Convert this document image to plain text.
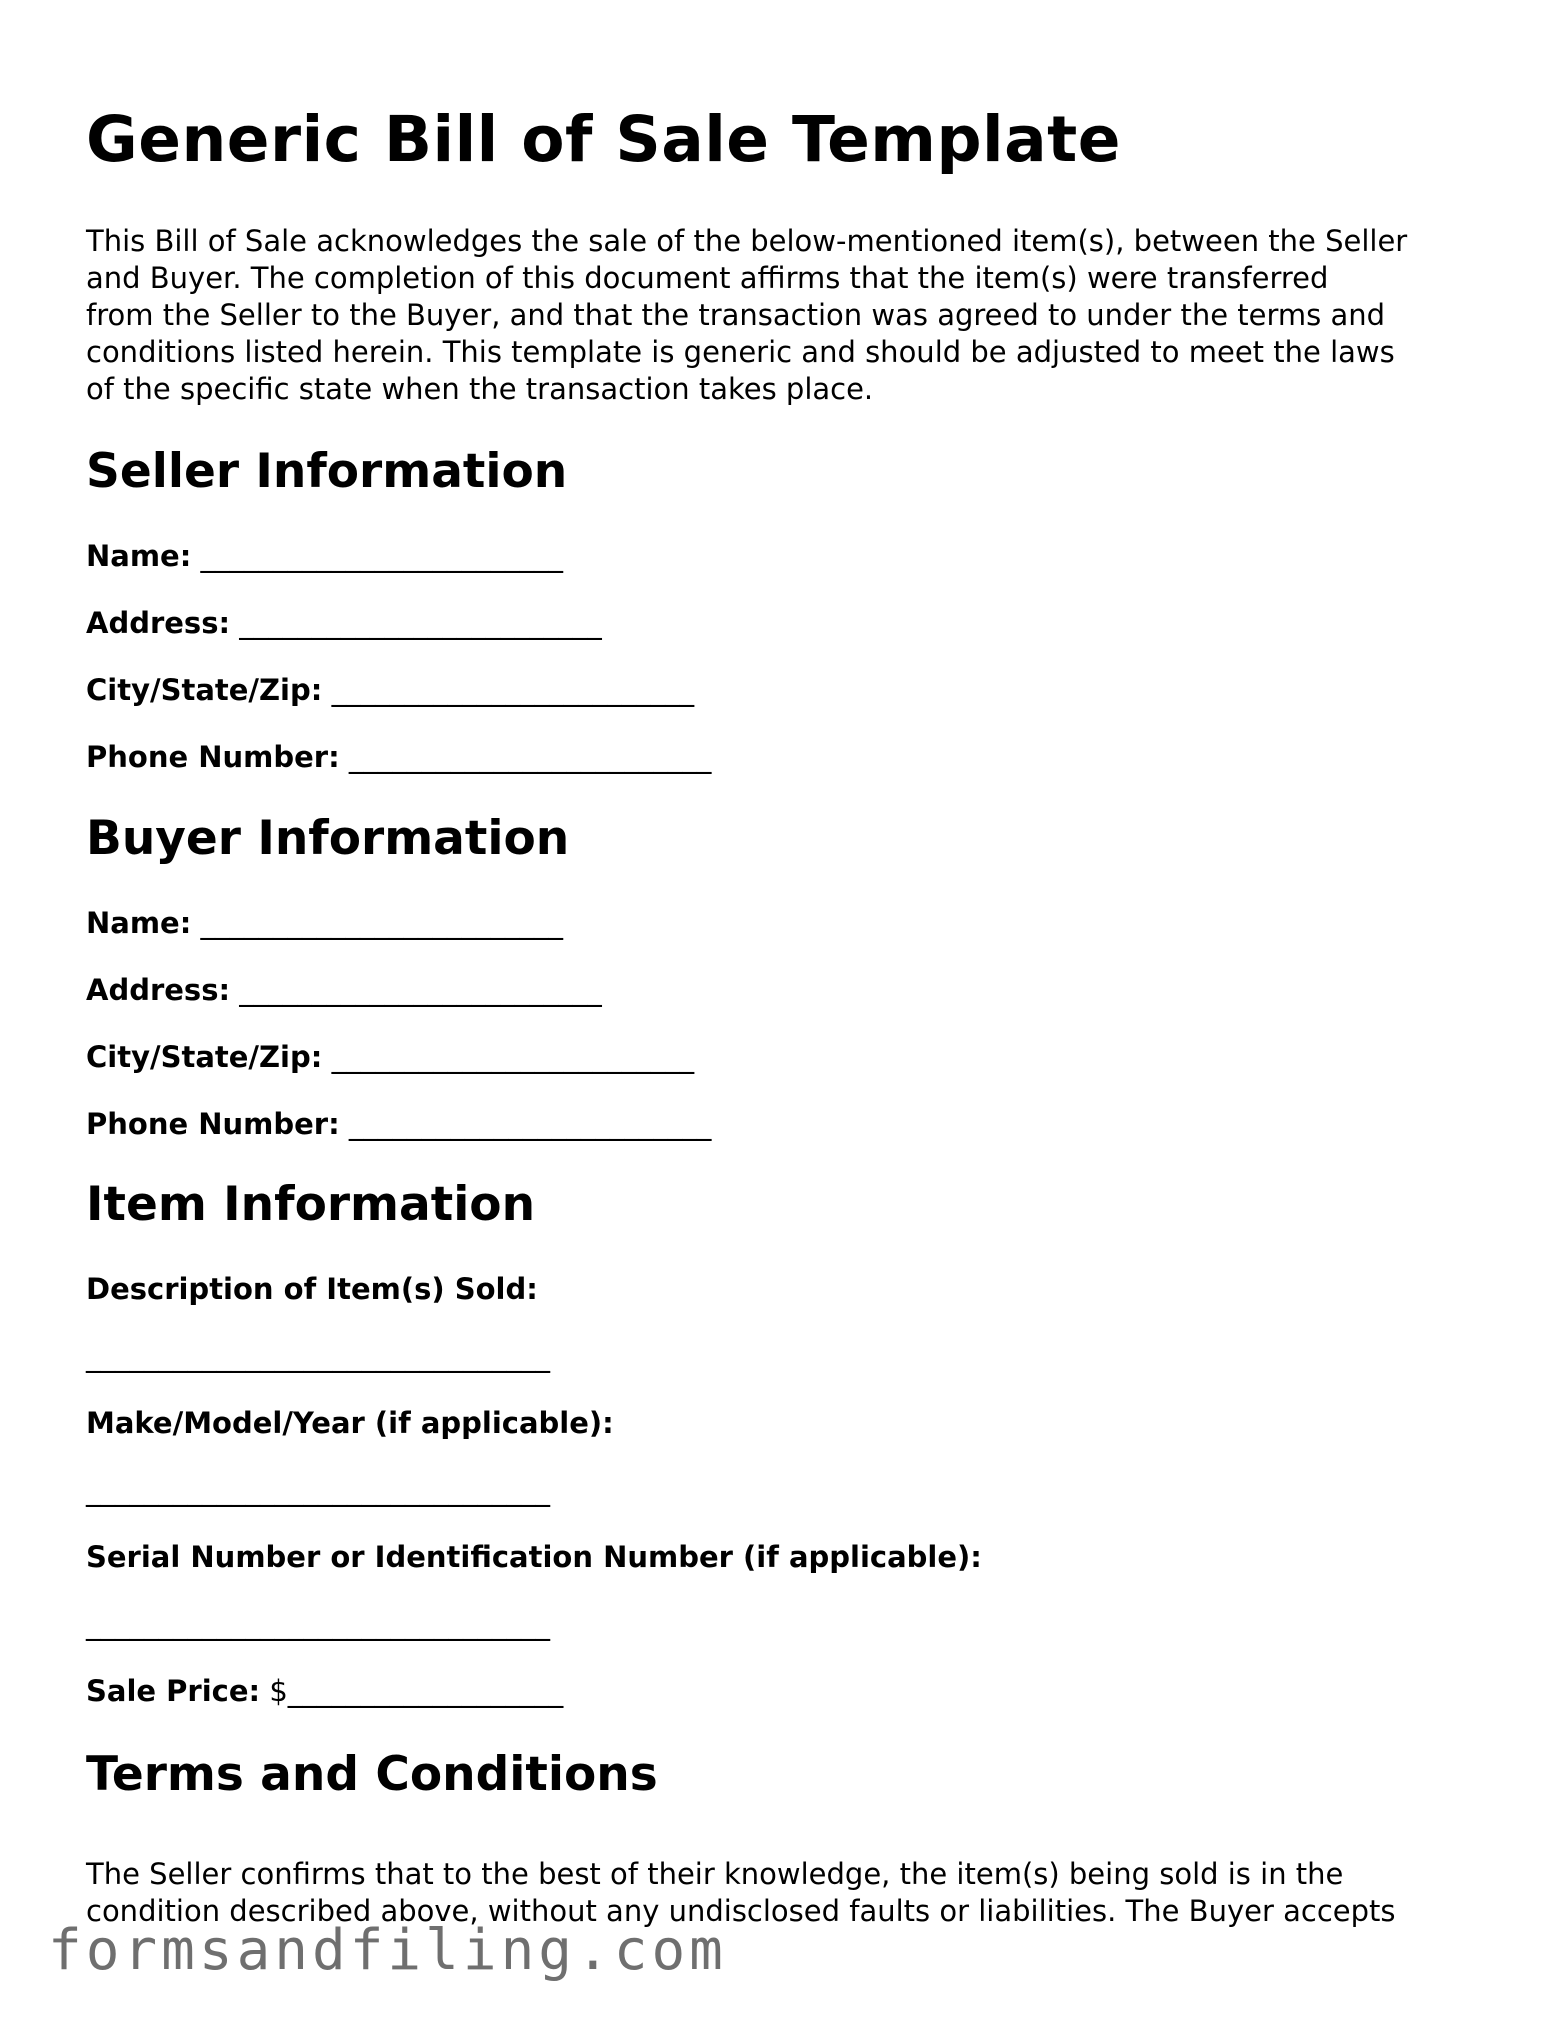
Generic Bill of Sale Template

This Bill of Sale acknowledges the sale of the below-mentioned item(s), between the Seller
and Buyer. The completion of this document affirms that the item(s) were transferred
from the Seller to the Buyer, and that the transaction was agreed to under the terms and
conditions listed herein. This template is generic and should be adjusted to meet the laws
of the specific state when the transaction takes place.

Seller Information

Name: _________________________

Address: _________________________

City/State/Zip: _________________________

Phone Number: _________________________

Buyer Information

Name: _________________________

Address: _________________________

City/State/Zip: _________________________

Phone Number: _________________________

Item Information

Description of Item(s) Sold:

________________________________

Make/Model/Year (if applicable):

________________________________

Serial Number or Identification Number (if applicable):

________________________________

Sale Price: $___________________

Terms and Conditions

The Seller confirms that to the best of their knowledge, the item(s) being sold is in the
condition described above, without any undisclosed faults or liabilities. The Buyer accepts

formsandfiling.com
